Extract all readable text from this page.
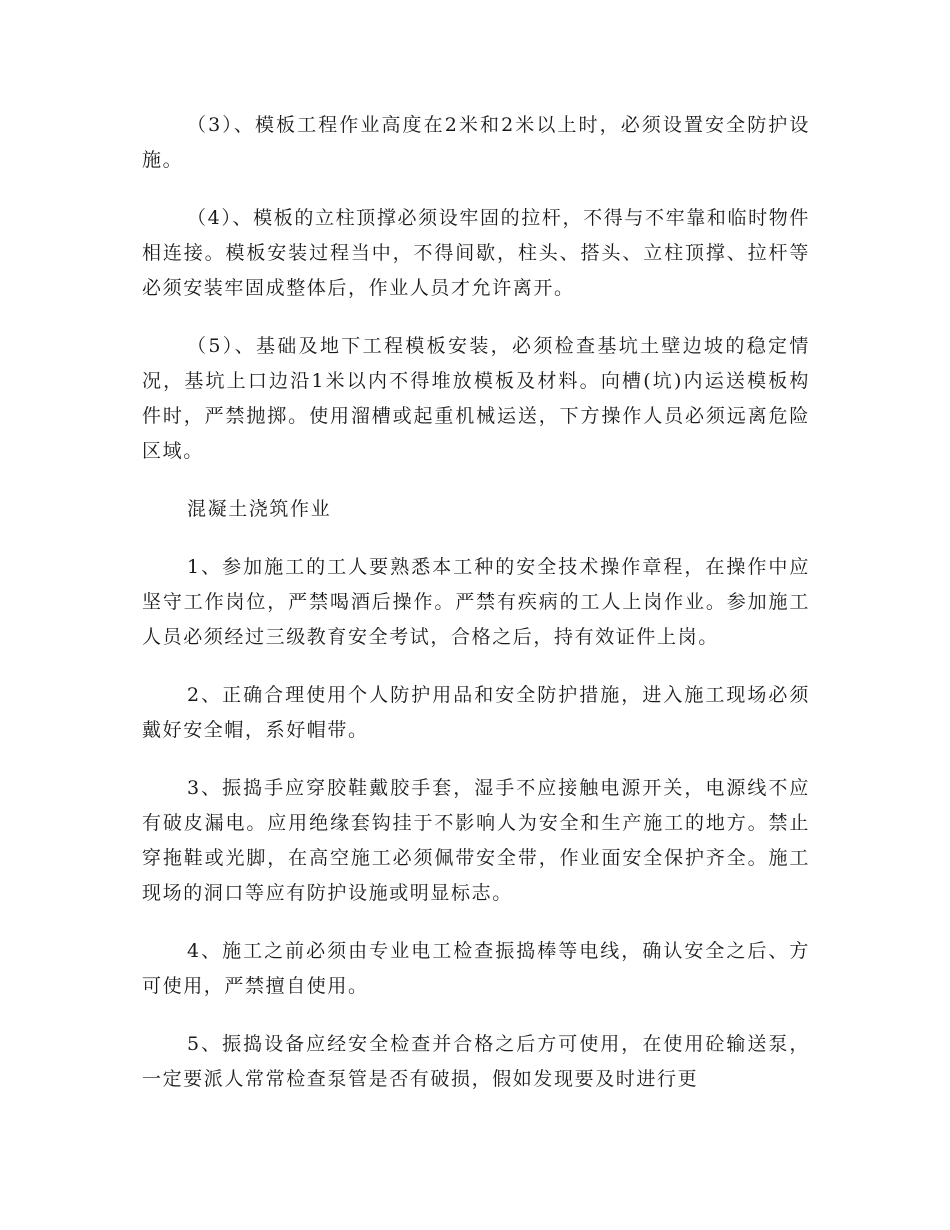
（3）、模板工程作业高度在2米和2米以上时，必须设置安全防护设施。

（4）、模板的立柱顶撑必须设牢固的拉杆，不得与不牢靠和临时物件相连接。模板安装过程当中，不得间歇，柱头、搭头、立柱顶撑、拉杆等必须安装牢固成整体后，作业人员才允许离开。

（5）、基础及地下工程模板安装，必须检查基坑土壁边坡的稳定情况，基坑上口边沿1米以内不得堆放模板及材料。向槽(坑)内运送模板构件时，严禁抛掷。使用溜槽或起重机械运送，下方操作人员必须远离危险区域。

混凝土浇筑作业

1、参加施工的工人要熟悉本工种的安全技术操作章程，在操作中应坚守工作岗位，严禁喝酒后操作。严禁有疾病的工人上岗作业。参加施工人员必须经过三级教育安全考试，合格之后，持有效证件上岗。

2、正确合理使用个人防护用品和安全防护措施，进入施工现场必须戴好安全帽，系好帽带。

3、振捣手应穿胶鞋戴胶手套，湿手不应接触电源开关，电源线不应有破皮漏电。应用绝缘套钩挂于不影响人为安全和生产施工的地方。禁止穿拖鞋或光脚，在高空施工必须佩带安全带，作业面安全保护齐全。施工现场的洞口等应有防护设施或明显标志。

4、施工之前必须由专业电工检查振捣棒等电线，确认安全之后、方可使用，严禁擅自使用。

5、振捣设备应经安全检查并合格之后方可使用，在使用砼输送泵，一定要派人常常检查泵管是否有破损，假如发现要及时进行更
